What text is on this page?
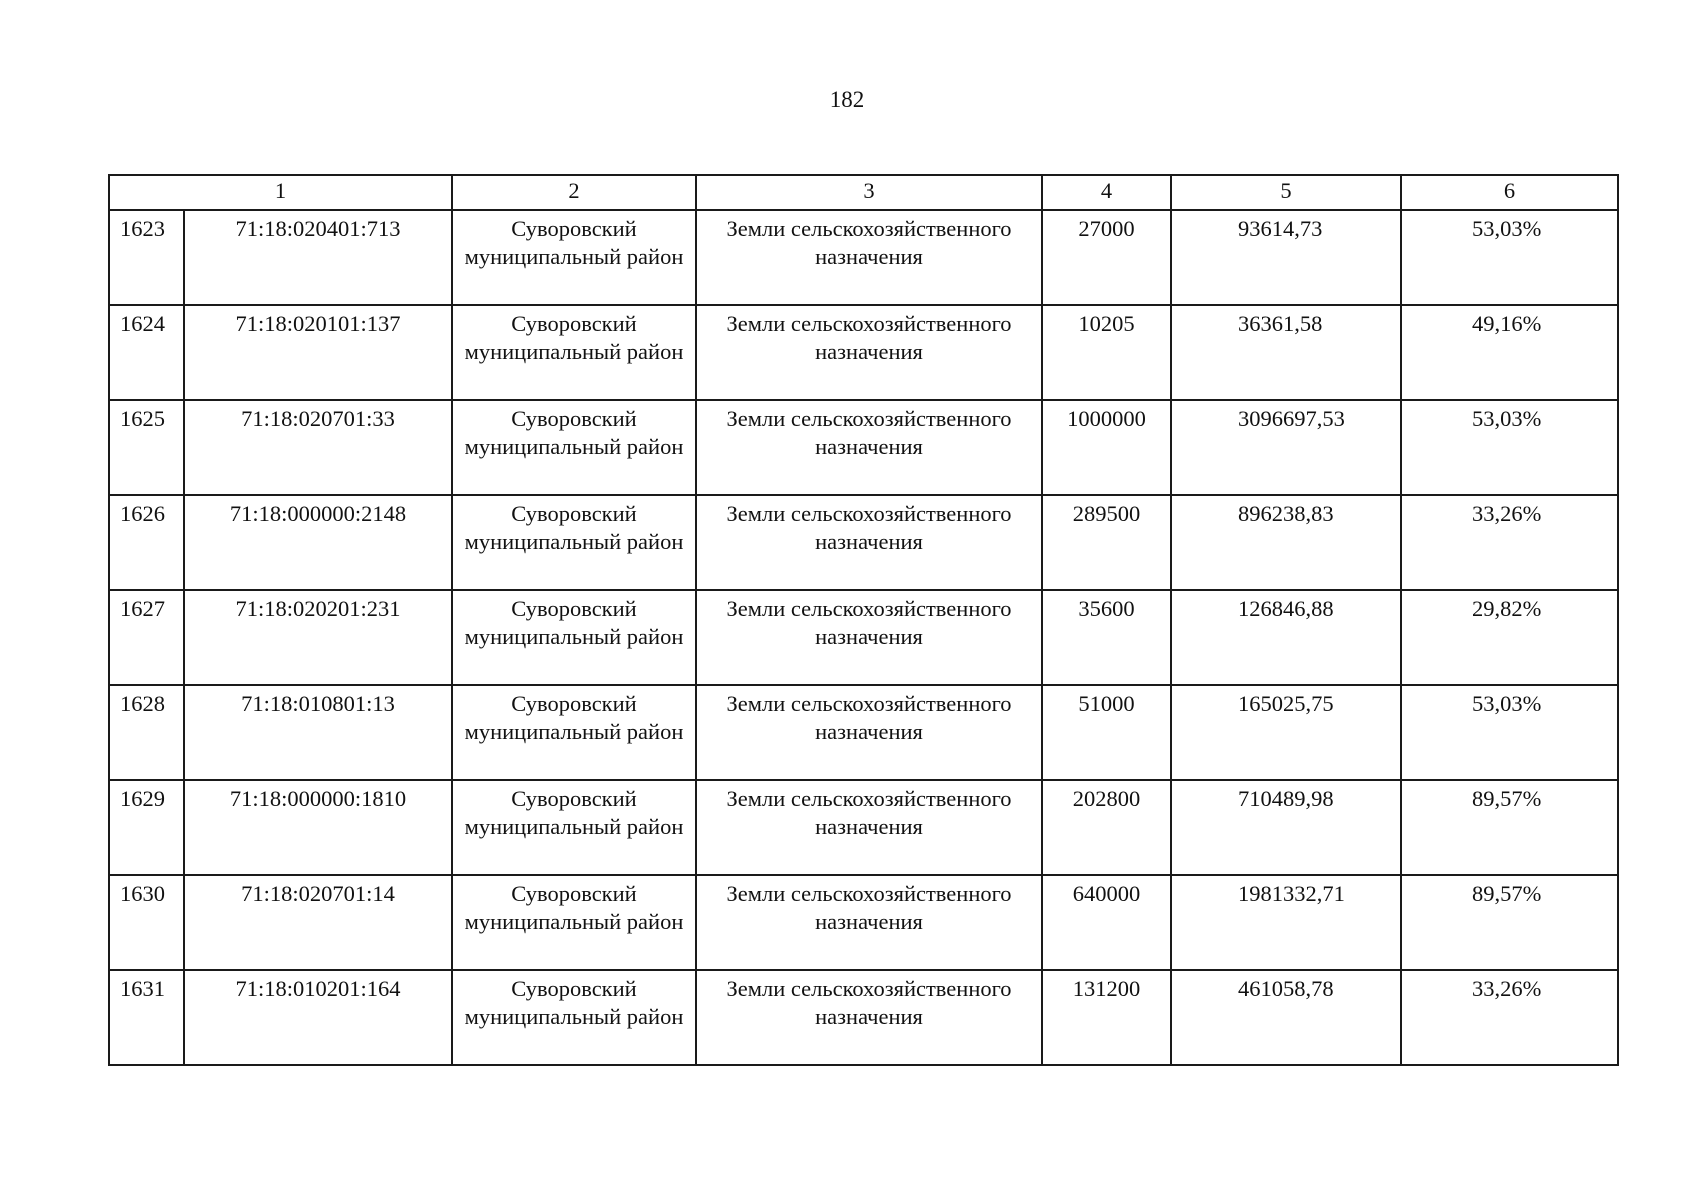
182
1		2	3	4	5	6
1623	71:18:020401:713	Суворовский муниципальный район	Земли сельскохозяйственного назначения	27000	93614,73	53,03%
1624	71:18:020101:137	Суворовский муниципальный район	Земли сельскохозяйственного назначения	10205	36361,58	49,16%
1625	71:18:020701:33	Суворовский муниципальный район	Земли сельскохозяйственного назначения	1000000	3096697,53	53,03%
1626	71:18:000000:2148	Суворовский муниципальный район	Земли сельскохозяйственного назначения	289500	896238,83	33,26%
1627	71:18:020201:231	Суворовский муниципальный район	Земли сельскохозяйственного назначения	35600	126846,88	29,82%
1628	71:18:010801:13	Суворовский муниципальный район	Земли сельскохозяйственного назначения	51000	165025,75	53,03%
1629	71:18:000000:1810	Суворовский муниципальный район	Земли сельскохозяйственного назначения	202800	710489,98	89,57%
1630	71:18:020701:14	Суворовский муниципальный район	Земли сельскохозяйственного назначения	640000	1981332,71	89,57%
1631	71:18:010201:164	Суворовский муниципальный район	Земли сельскохозяйственного назначения	131200	461058,78	33,26%
